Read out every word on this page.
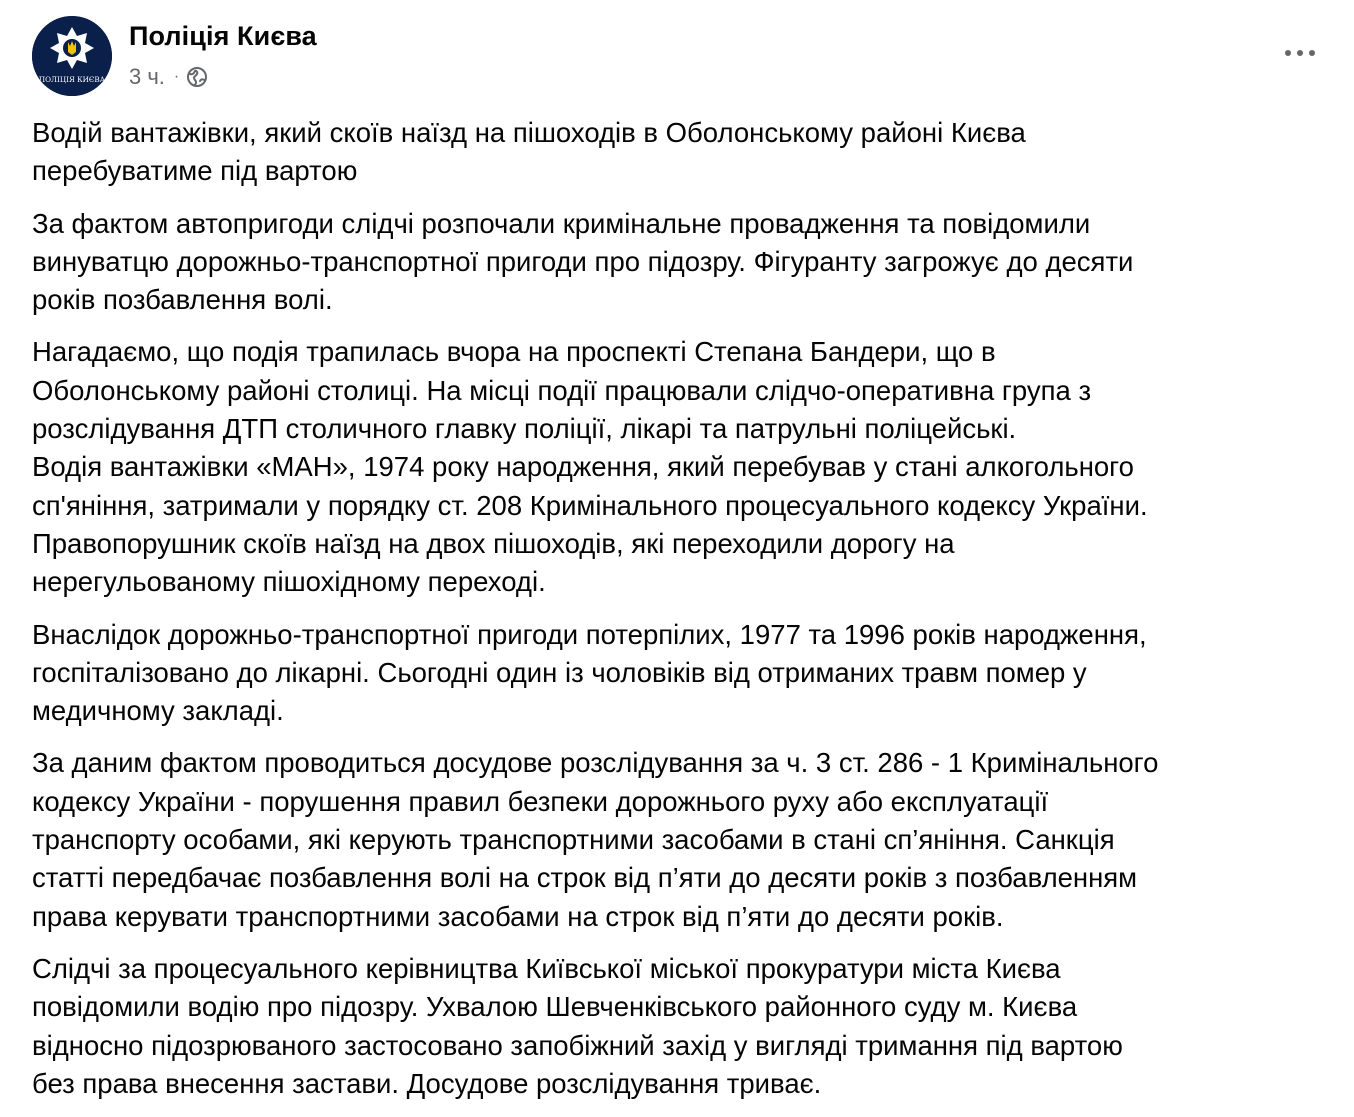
ПОЛІЦІЯ КИЄВА
Поліція Києва
3 ч. ·

Водій вантажівки, який скоїв наїзд на пішоходів в Оболонському районі Києва
перебуватиме під вартою

За фактом автопригоди слідчі розпочали кримінальне провадження та повідомили
винуватцю дорожньо-транспортної пригоди про підозру. Фігуранту загрожує до десяти
років позбавлення волі.

Нагадаємо, що подія трапилась вчора на проспекті Степана Бандери, що в
Оболонському районі столиці. На місці події працювали слідчо-оперативна група з
розслідування ДТП столичного главку поліції, лікарі та патрульні поліцейські.
Водія вантажівки «МАН», 1974 року народження, який перебував у стані алкогольного
сп'яніння, затримали у порядку ст. 208 Кримінального процесуального кодексу України.
Правопорушник скоїв наїзд на двох пішоходів, які переходили дорогу на
нерегульованому пішохідному переході.

Внаслідок дорожньо-транспортної пригоди потерпілих, 1977 та 1996 років народження,
госпіталізовано до лікарні. Сьогодні один із чоловіків від отриманих травм помер у
медичному закладі.

За даним фактом проводиться досудове розслідування за ч. 3 ст. 286 - 1 Кримінального
кодексу України - порушення правил безпеки дорожнього руху або експлуатації
транспорту особами, які керують транспортними засобами в стані сп’яніння. Санкція
статті передбачає позбавлення волі на строк від п’яти до десяти років з позбавленням
права керувати транспортними засобами на строк від п’яти до десяти років.

Слідчі за процесуального керівництва Київської міської прокуратури міста Києва
повідомили водію про підозру. Ухвалою Шевченківського районного суду м. Києва
відносно підозрюваного застосовано запобіжний захід у вигляді тримання під вартою
без права внесення застави. Досудове розслідування триває.
